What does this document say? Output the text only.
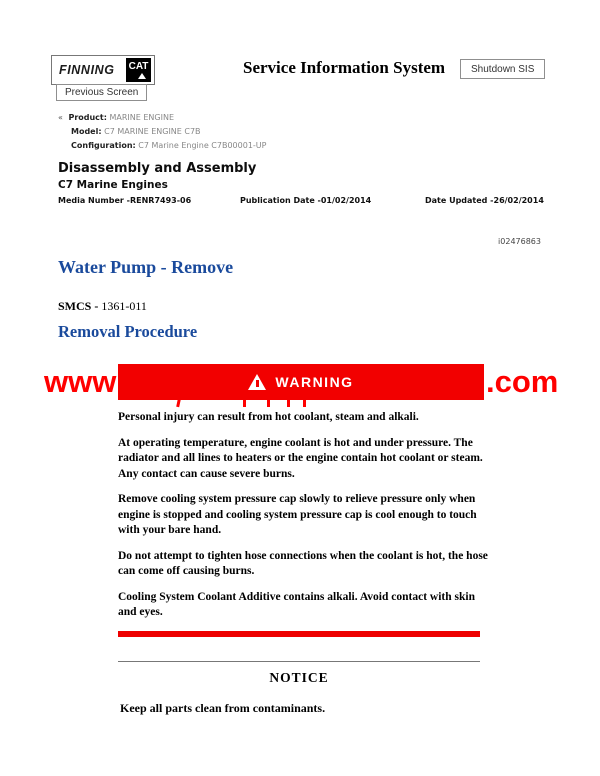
FINNING CAT	Service Information System	Shutdown SIS
Previous Screen
« Product: MARINE ENGINE
Model: C7 MARINE ENGINE C7B
Configuration: C7 Marine Engine C7B00001-UP
Disassembly and Assembly
C7 Marine Engines
Media Number -RENR7493-06	Publication Date -01/02/2014	Date Updated -26/02/2014
i02476863
Water Pump - Remove
SMCS - 1361-011
Removal Procedure
www	.com
WARNING

Personal injury can result from hot coolant, steam and alkali.

At operating temperature, engine coolant is hot and under pressure. The radiator and all lines to heaters or the engine contain hot coolant or steam. Any contact can cause severe burns.

Remove cooling system pressure cap slowly to relieve pressure only when engine is stopped and cooling system pressure cap is cool enough to touch with your bare hand.

Do not attempt to tighten hose connections when the coolant is hot, the hose can come off causing burns.

Cooling System Coolant Additive contains alkali. Avoid contact with skin and eyes.

NOTICE
Keep all parts clean from contaminants.
